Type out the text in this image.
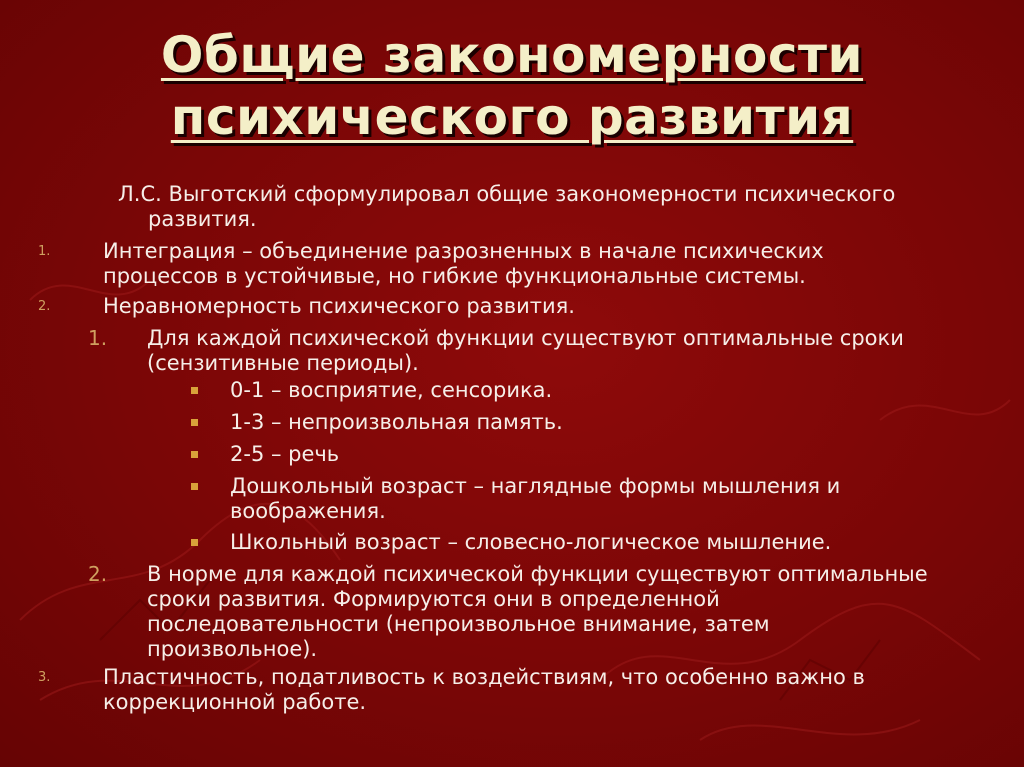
Общие закономерности
психического развития
Л.С. Выготский сформулировал общие закономерности психического
развития.
1.	Интеграция – объединение разрозненных в начале психических
процессов в устойчивые, но гибкие функциональные системы.
2.	Неравномерность психического развития.
1. Для каждой психической функции существуют оптимальные сроки
(сензитивные периоды).
0-1 – восприятие, сенсорика.
1-3 – непроизвольная память.
2-5 – речь
Дошкольный возраст – наглядные формы мышления и
воображения.
Школьный возраст – словесно-логическое мышление.
2. В норме для каждой психической функции существуют оптимальные
сроки развития. Формируются они в определенной
последовательности (непроизвольное внимание, затем
произвольное).
3.	Пластичность, податливость к воздействиям, что особенно важно в
коррекционной работе.
